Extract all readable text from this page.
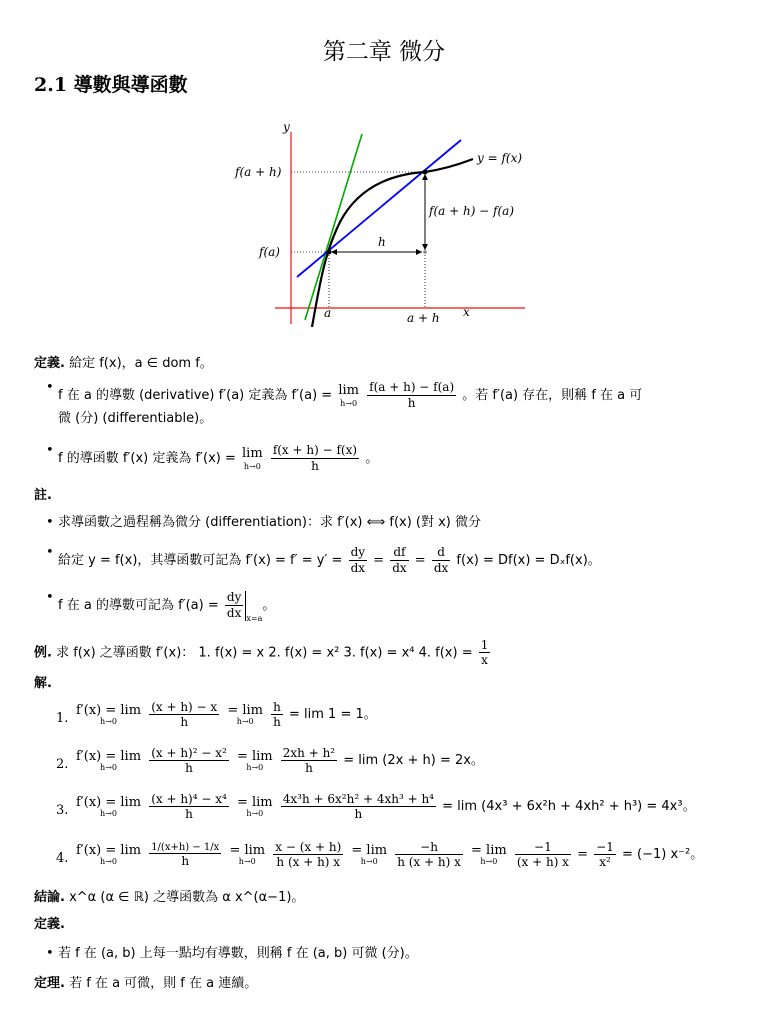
第二章 微分
2.1 導數與導函數
y
x
f(a + h)
f(a)
y = f(x)
f(a + h) − f(a)
h
a	a + h
定義. 給定 f(x)，a ∈ dom f。
• f 在 a 的導數 (derivative) f′(a) 定義為 f′(a) = lim
h→0
$\frac{f(a + h) - f(a)}{h}$ 。若 f′(a) 存在，則稱 f 在 a 可
微 (分) (differentiable)。
• f 的導函數 f′(x) 定義為 f′(x) = lim
h→0
$\frac{f(x + h) - f(x)}{h}$ 。
註.
• 求導函數之過程稱為微分 (differentiation)：求 f′(x) ⟺ f(x) (對 x) 微分
• 給定 y = f(x)，其導函數可記為 $f'(x) = f' = y' = \frac{dy}{dx} = \frac{df}{dx} = \frac{d}{dx} f(x) = Df(x) = D_xf(x)$。
• f 在 a 的導數可記為 $f'(a) = \frac{dy}{dx} _{x=a}$。
例. 求 f(x) 之導函數 f′(x)： 1. f(x) = x 2. f(x) = x² 3. f(x) = x⁴ 4. $f(x) = \frac{1}{x}$
解.
1.
f′(x) = lim
h→0
	$\frac{(x + h) - x}{h}$
= lim
h→0
	$\frac{h}{h} = \lim 1 = 1$。
2.
f′(x) = lim
h→0
	$\frac{\text{(x + h)² − x²}}{h}$
= lim
h→0
	$\frac{\text{2xh + h²}}{h} = \lim (2x + h) = 2x$。
3.
f′(x) = lim
h→0
	$\frac{\text{(x + h)⁴ − x⁴}}{h}$
= lim
h→0
	$\frac{\text{4x³h + 6x²h² + 4xh³ + h⁴}}{h} = \lim (4x^3 + 6x^2h + 4xh^2 + h^3) = 4x^3$。
4.
f′(x) = lim
h→0
	$\frac{1/(x+h) - 1/x}{h}$
= lim
h→0
	$\frac{x - (x + h)}{h (x + h) x}$
= lim
h→0
	$\frac{-h}{h (x + h) x}$
= lim
h→0
	$\frac{-1}{(x + h) x} = \frac{-1}{\text{x²}} = (-1)$ x⁻²。
結論. x^α (α ∈ ℝ) 之導函數為 α x^(α−1)。
定義.
• 若 f 在 (a, b) 上每一點均有導數，則稱 f 在 (a, b) 可微 (分)。
定理. 若 f 在 a 可微，則 f 在 a 連續。
